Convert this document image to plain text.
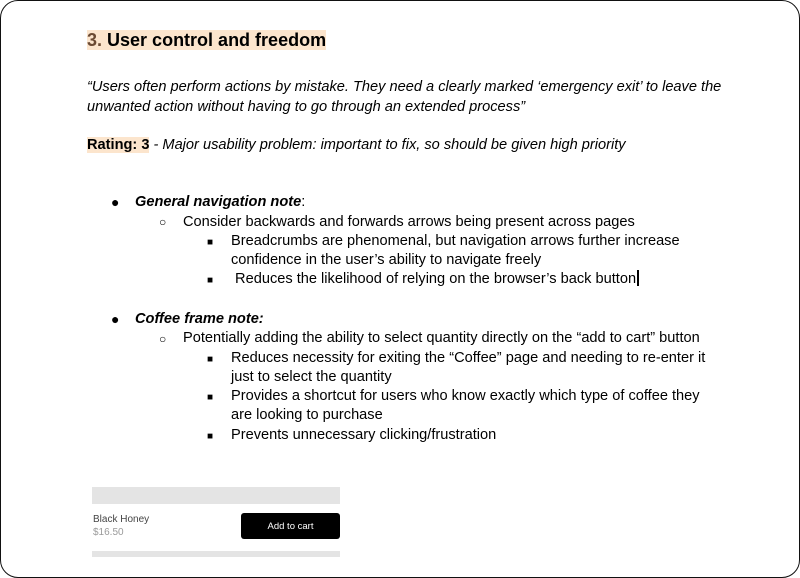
3. User control and freedom
“Users often perform actions by mistake. They need a clearly marked ‘emergency exit’ to leave the unwanted action without having to go through an extended process”
Rating: 3 - Major usability problem: important to fix, so should be given high priority
● General navigation note:
○ Consider backwards and forwards arrows being present across pages
■ Breadcrumbs are phenomenal, but navigation arrows further increase
confidence in the user’s ability to navigate freely
■ Reduces the likelihood of relying on the browser’s back button
● Coffee frame note:
○ Potentially adding the ability to select quantity directly on the “add to cart” button
■ Reduces necessity for exiting the “Coffee” page and needing to re-enter it
just to select the quantity
■ Provides a shortcut for users who know exactly which type of coffee they
are looking to purchase
■ Prevents unnecessary clicking/frustration
Black Honey
$16.50
Add to cart
